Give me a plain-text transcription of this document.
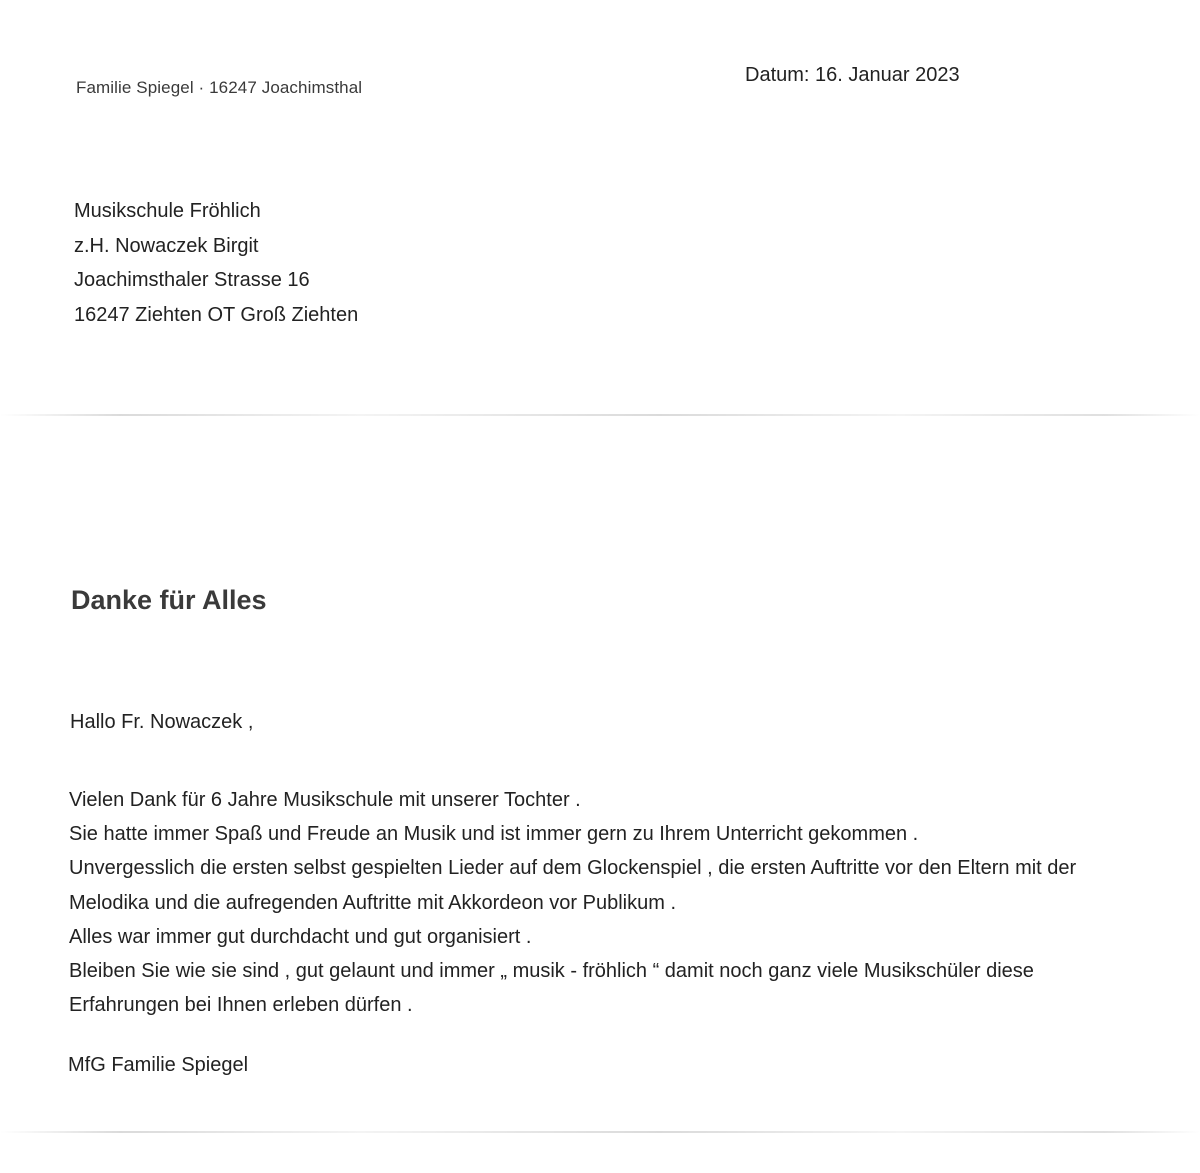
Familie Spiegel · 16247 Joachimsthal
Datum: 16. Januar 2023
Musikschule Fröhlich
z.H. Nowaczek Birgit
Joachimsthaler Strasse 16
16247 Ziehten OT Groß Ziehten
Danke für Alles
Hallo Fr. Nowaczek ,
Vielen Dank für 6 Jahre Musikschule mit unserer Tochter .
Sie hatte immer Spaß und Freude an Musik und ist immer gern zu Ihrem Unterricht gekommen .
Unvergesslich die ersten selbst gespielten Lieder auf dem Glockenspiel , die ersten Auftritte vor den Eltern mit der
Melodika und die aufregenden Auftritte mit Akkordeon vor Publikum .
Alles war immer gut durchdacht und gut organisiert .
Bleiben Sie wie sie sind , gut gelaunt und immer „ musik - fröhlich “ damit noch ganz viele Musikschüler diese
Erfahrungen bei Ihnen erleben dürfen .
MfG Familie Spiegel
